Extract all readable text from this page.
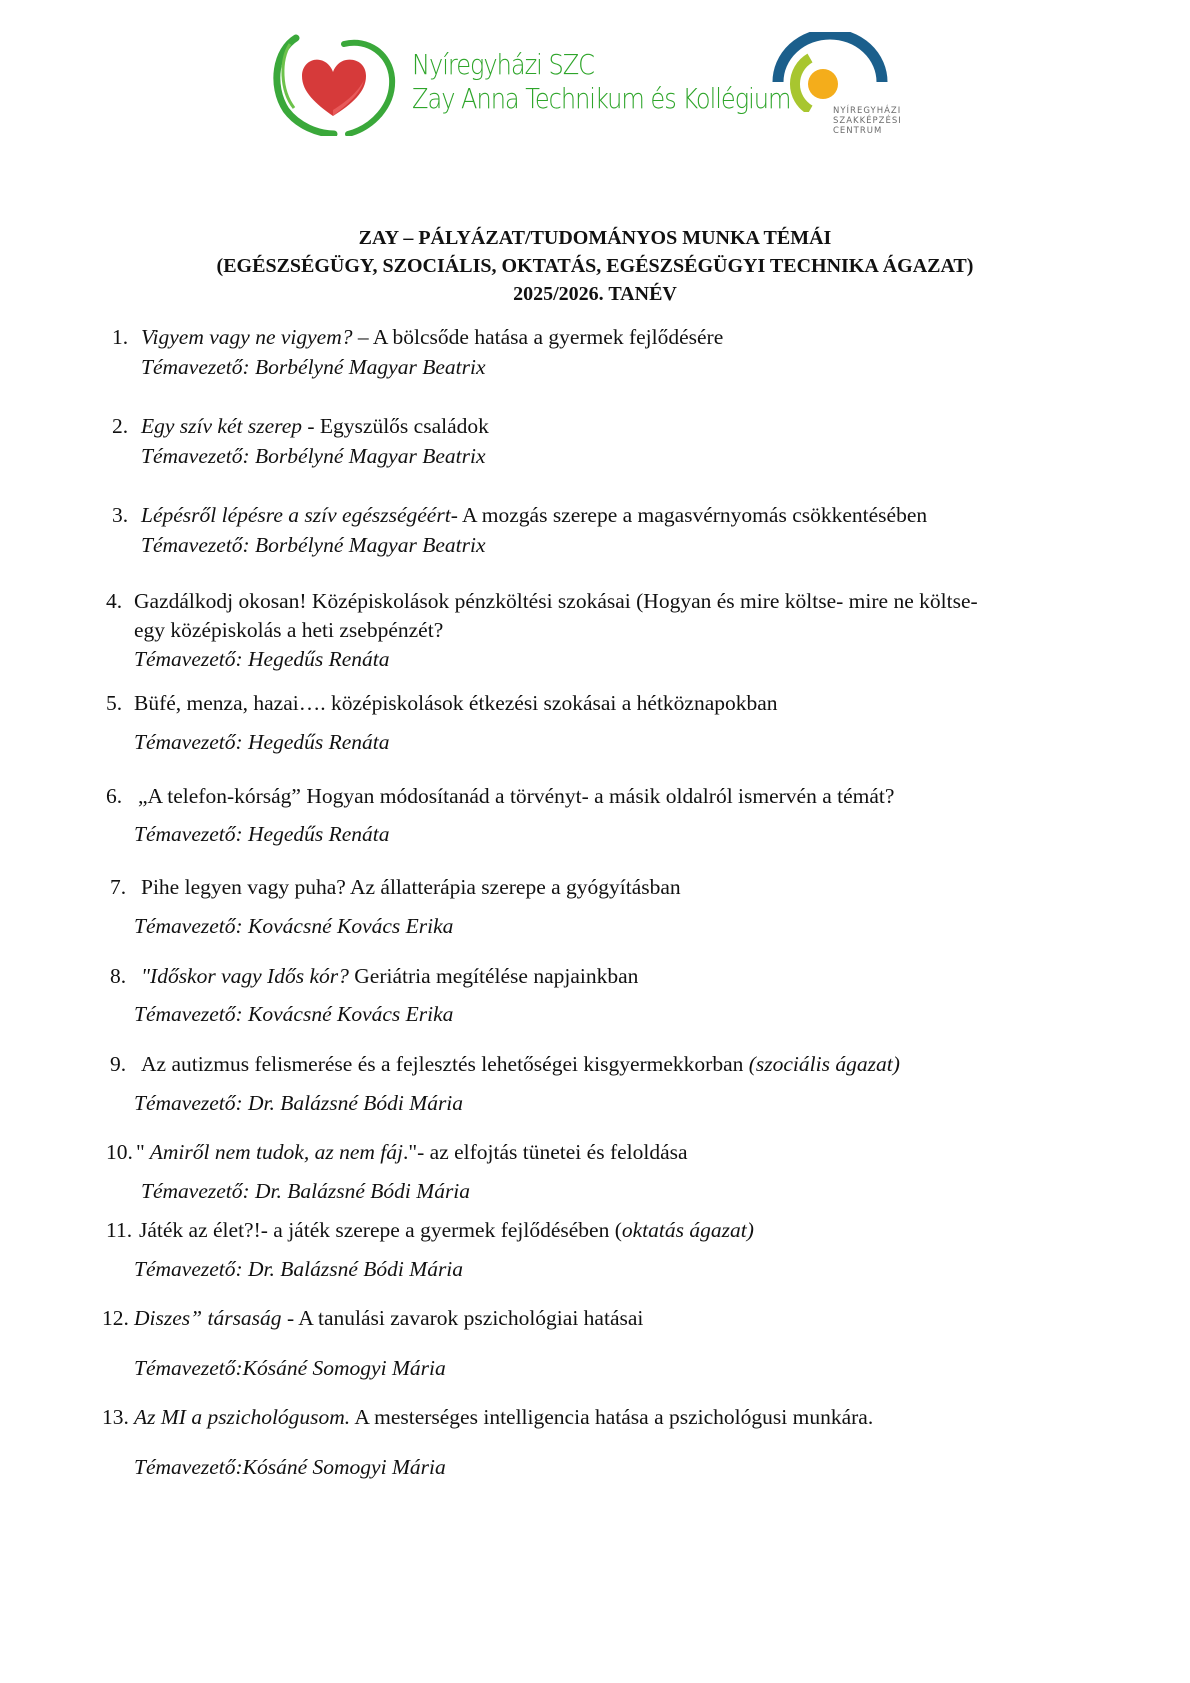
Nyíregyházi SZC
Zay Anna Technikum és Kollégium	NYÍREGYHÁZI
SZAKKÉPZÉSI
CENTRUM
ZAY – PÁLYÁZAT/TUDOMÁNYOS MUNKA TÉMÁI
(EGÉSZSÉGÜGY, SZOCIÁLIS, OKTATÁS, EGÉSZSÉGÜGYI TECHNIKA ÁGAZAT)
2025/2026. TANÉV
1. Vigyem vagy ne vigyem? – A bölcsőde hatása a gyermek fejlődésére
Témavezető: Borbélyné Magyar Beatrix
2. Egy szív két szerep - Egyszülős családok
Témavezető: Borbélyné Magyar Beatrix
3. Lépésről lépésre a szív egészségéért- A mozgás szerepe a magasvérnyomás csökkentésében
Témavezető: Borbélyné Magyar Beatrix
4. Gazdálkodj okosan! Középiskolások pénzköltési szokásai (Hogyan és mire költse- mire ne költse-
egy középiskolás a heti zsebpénzét?
Témavezető: Hegedűs Renáta
5. Büfé, menza, hazai…. középiskolások étkezési szokásai a hétköznapokban
Témavezető: Hegedűs Renáta
6. „A telefon-kórság” Hogyan módosítanád a törvényt- a másik oldalról ismervén a témát?
Témavezető: Hegedűs Renáta
7. Pihe legyen vagy puha? Az állatterápia szerepe a gyógyításban
Témavezető: Kovácsné Kovács Erika
8. "Időskor vagy Idős kór? Geriátria megítélése napjainkban
Témavezető: Kovácsné Kovács Erika
9. Az autizmus felismerése és a fejlesztés lehetőségei kisgyermekkorban (szociális ágazat)
Témavezető: Dr. Balázsné Bódi Mária
10. " Amiről nem tudok, az nem fáj."- az elfojtás tünetei és feloldása
Témavezető: Dr. Balázsné Bódi Mária
11. Játék az élet?!- a játék szerepe a gyermek fejlődésében (oktatás ágazat)
Témavezető: Dr. Balázsné Bódi Mária
12. Diszes” társaság - A tanulási zavarok pszichológiai hatásai
Témavezető:Kósáné Somogyi Mária
13. Az MI a pszichológusom. A mesterséges intelligencia hatása a pszichológusi munkára.
Témavezető:Kósáné Somogyi Mária
